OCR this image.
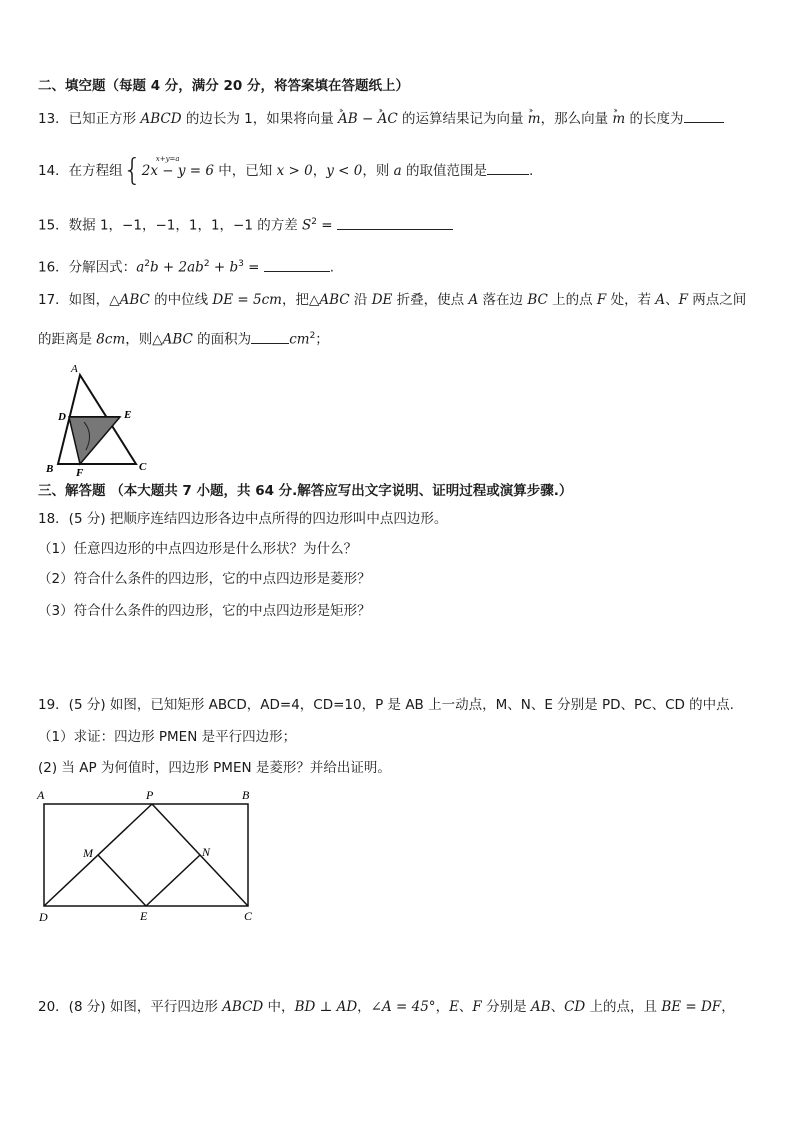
二、填空题（每题 4 分，满分 20 分，将答案填在答题纸上）
13．已知正方形 ABCD 的边长为 1，如果将向量 ›› AB − ›› AC 的运算结果记为向量 ›› m，那么向量 ›› m 的长度为
14．在方程组{ x+y=a
2x − y = 6 中，已知 x > 0，y < 0，则 a 的取值范围是	.
15．数据 1，−1，−1，1，1，−1 的方差 $S^2$ =
16．分解因式：$a^2b + 2ab^2 + b^3$ =	.
17．如图，△ABC 的中位线 DE = 5cm，把△ABC 沿 DE 折叠，使点 A 落在边 BC 上的点 F 处，若 A、F 两点之间
的距离是 8cm，则△ABC 的面积为	$cm^2$；
A
D	E
B F	C
三、解答题 （本大题共 7 小题，共 64 分.解答应写出文字说明、证明过程或演算步骤.）
18．(5 分) 把顺序连结四边形各边中点所得的四边形叫中点四边形。
（1）任意四边形的中点四边形是什么形状？为什么？
（2）符合什么条件的四边形，它的中点四边形是菱形？
（3）符合什么条件的四边形，它的中点四边形是矩形？
19．(5 分) 如图，已知矩形 ABCD，AD=4，CD=10，P 是 AB 上一动点，M、N、E 分别是 PD、PC、CD 的中点.
（1）求证：四边形 PMEN 是平行四边形；
(2) 当 AP 为何值时，四边形 PMEN 是菱形？并给出证明。
A	P	B
M	N
D	E	C
20．(8 分) 如图，平行四边形 ABCD 中，BD ⊥ AD，∠A = 45°，E、F 分别是 AB、CD 上的点，且 BE = DF，
